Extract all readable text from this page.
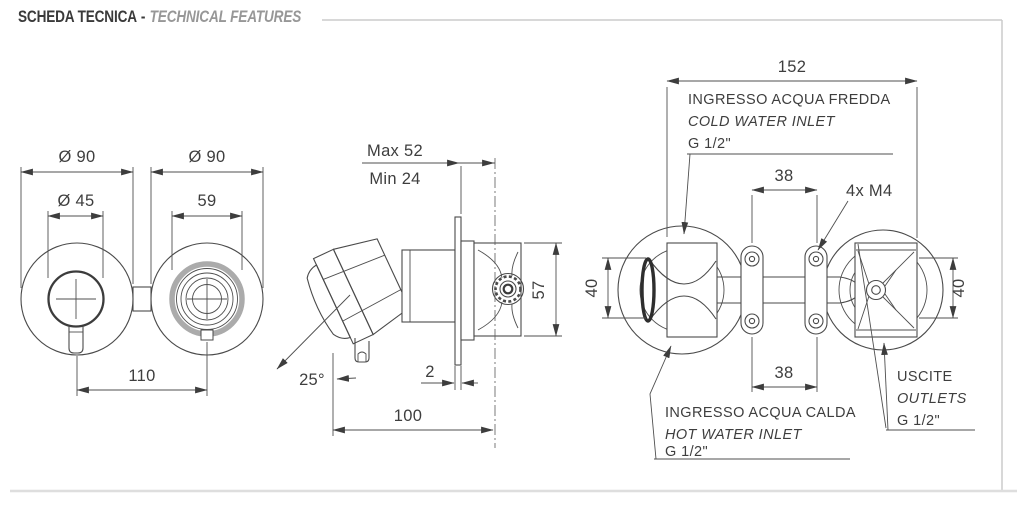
SCHEDA TECNICA - TECHNICAL FEATURES
Ø 90
Ø 45
Ø 90
59
110
Max 52
Min 24
57
2
25°
100
152
38
4x M4
40	40
38
INGRESSO ACQUA FREDDA
COLD WATER INLET
G 1/2"
INGRESSO ACQUA CALDA
HOT WATER INLET
G 1/2"
USCITE
OUTLETS
G 1/2"
